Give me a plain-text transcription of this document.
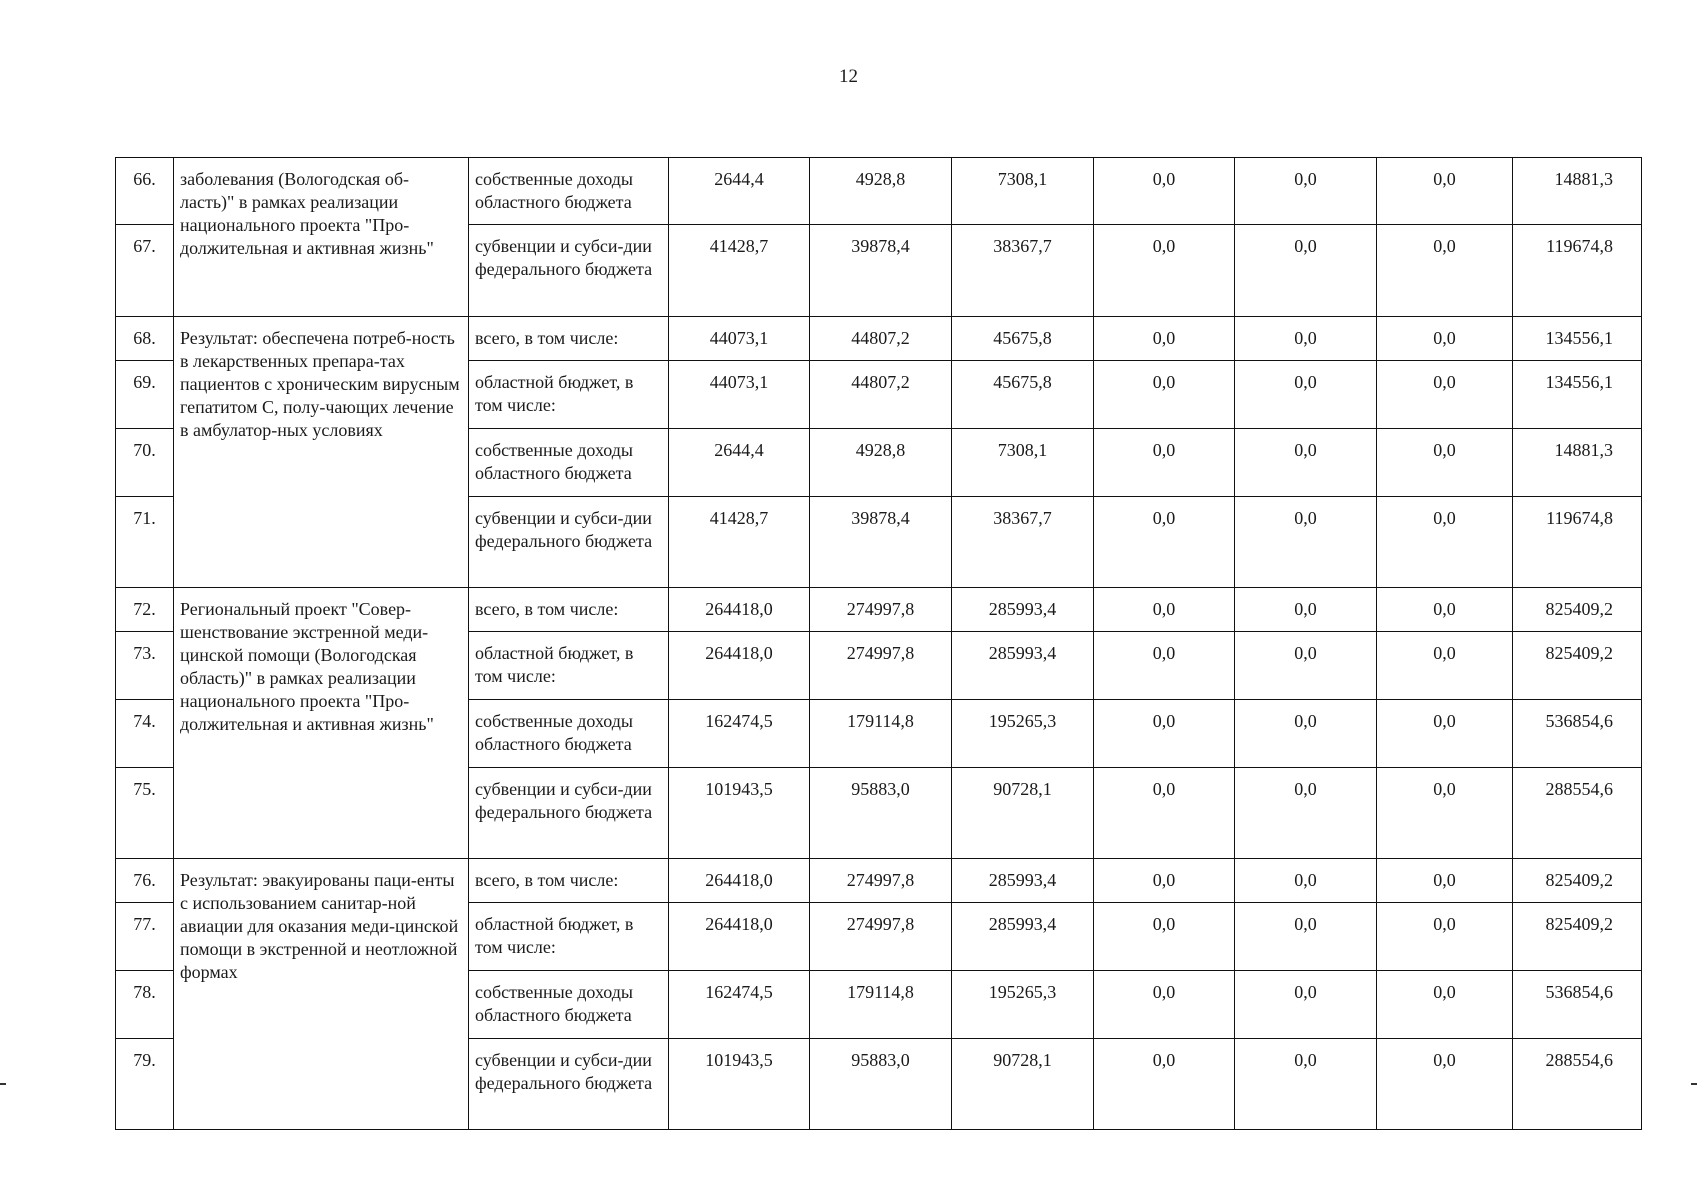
12
66.	заболевания (Вологодская об-ласть)" в рамках реализации национального проекта "Про-должительная и активная жизнь"	собственные доходы областного бюджета	2644,4	4928,8	7308,1	0,0	0,0	0,0	14881,3
67.		субвенции и субси-дии федерального бюджета	41428,7	39878,4	38367,7	0,0	0,0	0,0	119674,8
68.	Результат: обеспечена потреб-ность в лекарственных препара-тах пациентов с хроническим вирусным гепатитом С, полу-чающих лечение в амбулатор-ных условиях	всего, в том числе:	44073,1	44807,2	45675,8	0,0	0,0	0,0	134556,1
69.		областной бюджет, в том числе:	44073,1	44807,2	45675,8	0,0	0,0	0,0	134556,1
70.		собственные доходы областного бюджета	2644,4	4928,8	7308,1	0,0	0,0	0,0	14881,3
71.		субвенции и субси-дии федерального бюджета	41428,7	39878,4	38367,7	0,0	0,0	0,0	119674,8
72.	Региональный проект "Совер-шенствование экстренной меди-цинской помощи (Вологодская область)" в рамках реализации национального проекта "Про-должительная и активная жизнь"	всего, в том числе:	264418,0	274997,8	285993,4	0,0	0,0	0,0	825409,2
73.		областной бюджет, в том числе:	264418,0	274997,8	285993,4	0,0	0,0	0,0	825409,2
74.		собственные доходы областного бюджета	162474,5	179114,8	195265,3	0,0	0,0	0,0	536854,6
75.		субвенции и субси-дии федерального бюджета	101943,5	95883,0	90728,1	0,0	0,0	0,0	288554,6
76.	Результат: эвакуированы паци-енты с использованием санитар-ной авиации для оказания меди-цинской помощи в экстренной и неотложной формах	всего, в том числе:	264418,0	274997,8	285993,4	0,0	0,0	0,0	825409,2
77.		областной бюджет, в том числе:	264418,0	274997,8	285993,4	0,0	0,0	0,0	825409,2
78.		собственные доходы областного бюджета	162474,5	179114,8	195265,3	0,0	0,0	0,0	536854,6
79.		субвенции и субси-дии федерального бюджета	101943,5	95883,0	90728,1	0,0	0,0	0,0	288554,6
